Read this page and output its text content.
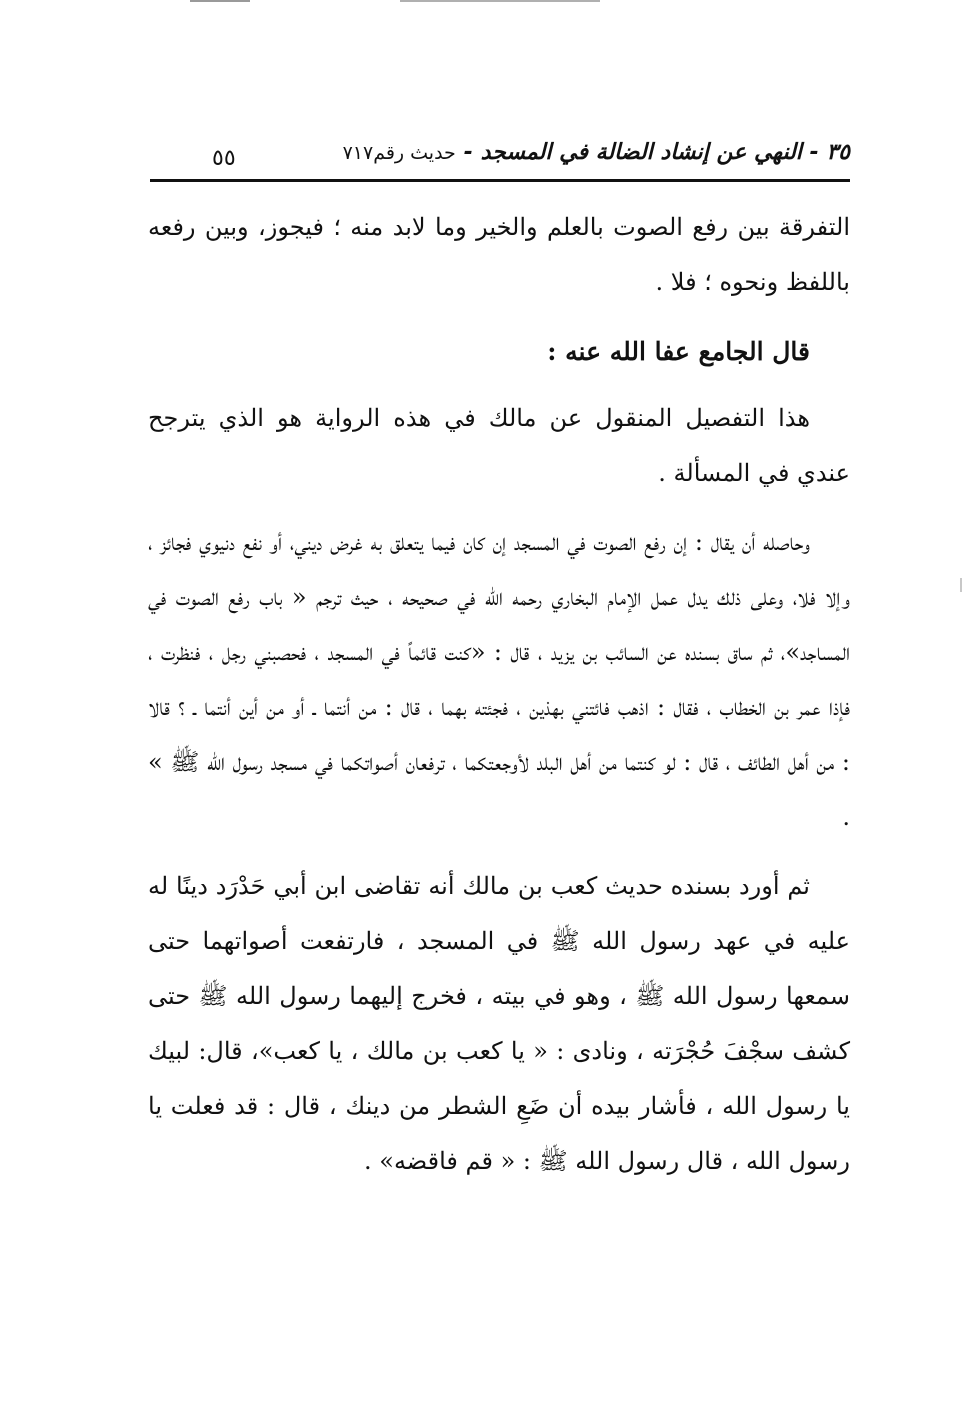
٣٥ - النهي عن إنشاد الضالة في المسجد -حديث رقم٧١٧
٥٥

التفرقة بين رفع الصوت بالعلم والخير وما لابد منه ؛ فيجوز، وبين رفعه باللفظ ونحوه ؛ فلا .

قال الجامع عفا الله عنه :

هذا التفصيل المنقول عن مالك في هذه الرواية هو الذي يترجح عندي في المسألة .

وحاصله أن يقال : إن رفع الصوت في المسجد إن كان فيما يتعلق به غرض ديني، أو نفع دنيوي فجائز ، وإلا فلا، وعلى ذلك يدل عمل الإمام البخاري رحمه الله في صحيحه ، حيث ترجم « باب رفع الصوت في المساجد»، ثم ساق بسنده عن السائب بن يزيد ، قال : «كنت قائماً في المسجد ، فحصبني رجل ، فنظرت ، فإذا عمر بن الخطاب ، فقال : اذهب فائتني بهذين ، فجئته بهما ، قال : من أنتما ـ أو من أين أنتما ـ ؟ قالا : من أهل الطائف ، قال : لو كنتما من أهل البلد لأوجعتكما ، ترفعان أصواتكما في مسجد رسول الله ﷺ » .

ثم أورد بسنده حديث كعب بن مالك أنه تقاضى ابن أبي حَدْرَد دينًا له عليه في عهد رسول الله ﷺ في المسجد ، فارتفعت أصواتهما حتى سمعها رسول الله ﷺ ، وهو في بيته ، فخرج إليهما رسول الله ﷺ حتى كشف سجْفَ حُجْرَته ، ونادى : « يا كعب بن مالك ، يا كعب»، قال: لبيك يا رسول الله ، فأشار بيده أن ضَعِ الشطر من دينك ، قال : قد فعلت يا رسول الله ، قال رسول الله ﷺ : « قم فاقضه» .
